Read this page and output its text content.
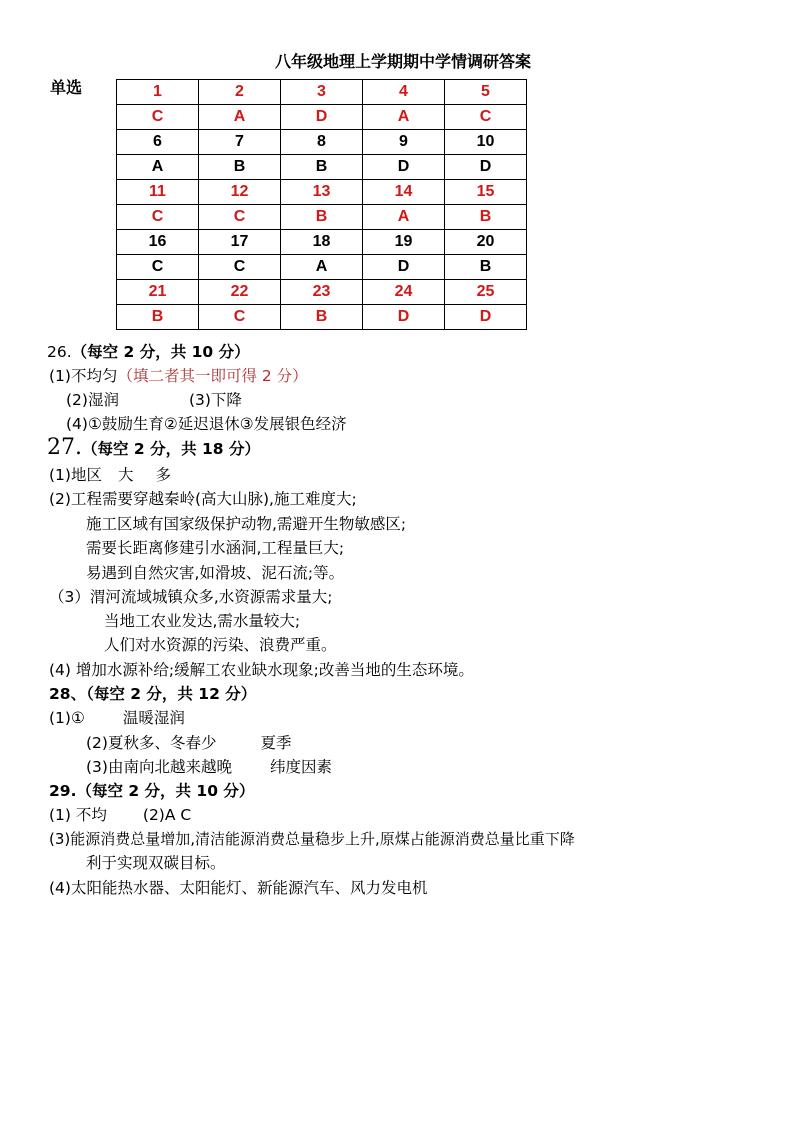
八年级地理上学期期中学情调研答案
单选	1	2	3	4	5
C	A	D	A	C
6	7	8	9	10
A	B	B	D	D
11	12	13	14	15
C	C	B	A	B
16	17	18	19	20
C	C	A	D	B
21	22	23	24	25
B	C	B	D	D
26.（每空 2 分，共 10 分）
(1)不均匀（填二者其一即可得 2 分）
(2)湿润	(3)下降
(4)①鼓励生育②延迟退休③发展银色经济
27.（每空 2 分，共 18 分）
(1)地区 大 多
(2)工程需要穿越秦岭(高大山脉),施工难度大;
施工区域有国家级保护动物,需避开生物敏感区;
需要长距离修建引水涵洞,工程量巨大;
易遇到自然灾害,如滑坡、泥石流;等。
（3）渭河流域城镇众多,水资源需求量大;
当地工农业发达,需水量较大;
人们对水资源的污染、浪费严重。
(4) 增加水源补给;缓解工农业缺水现象;改善当地的生态环境。
28、（每空 2 分，共 12 分）
(1)① 温暖湿润
(2)夏秋多、冬春少	夏季
(3)由南向北越来越晚 纬度因素
29.（每空 2 分，共 10 分）
(1) 不均 (2)A C
(3)能源消费总量增加,清洁能源消费总量稳步上升,原煤占能源消费总量比重下降
利于实现双碳目标。
(4)太阳能热水器、太阳能灯、新能源汽车、风力发电机
